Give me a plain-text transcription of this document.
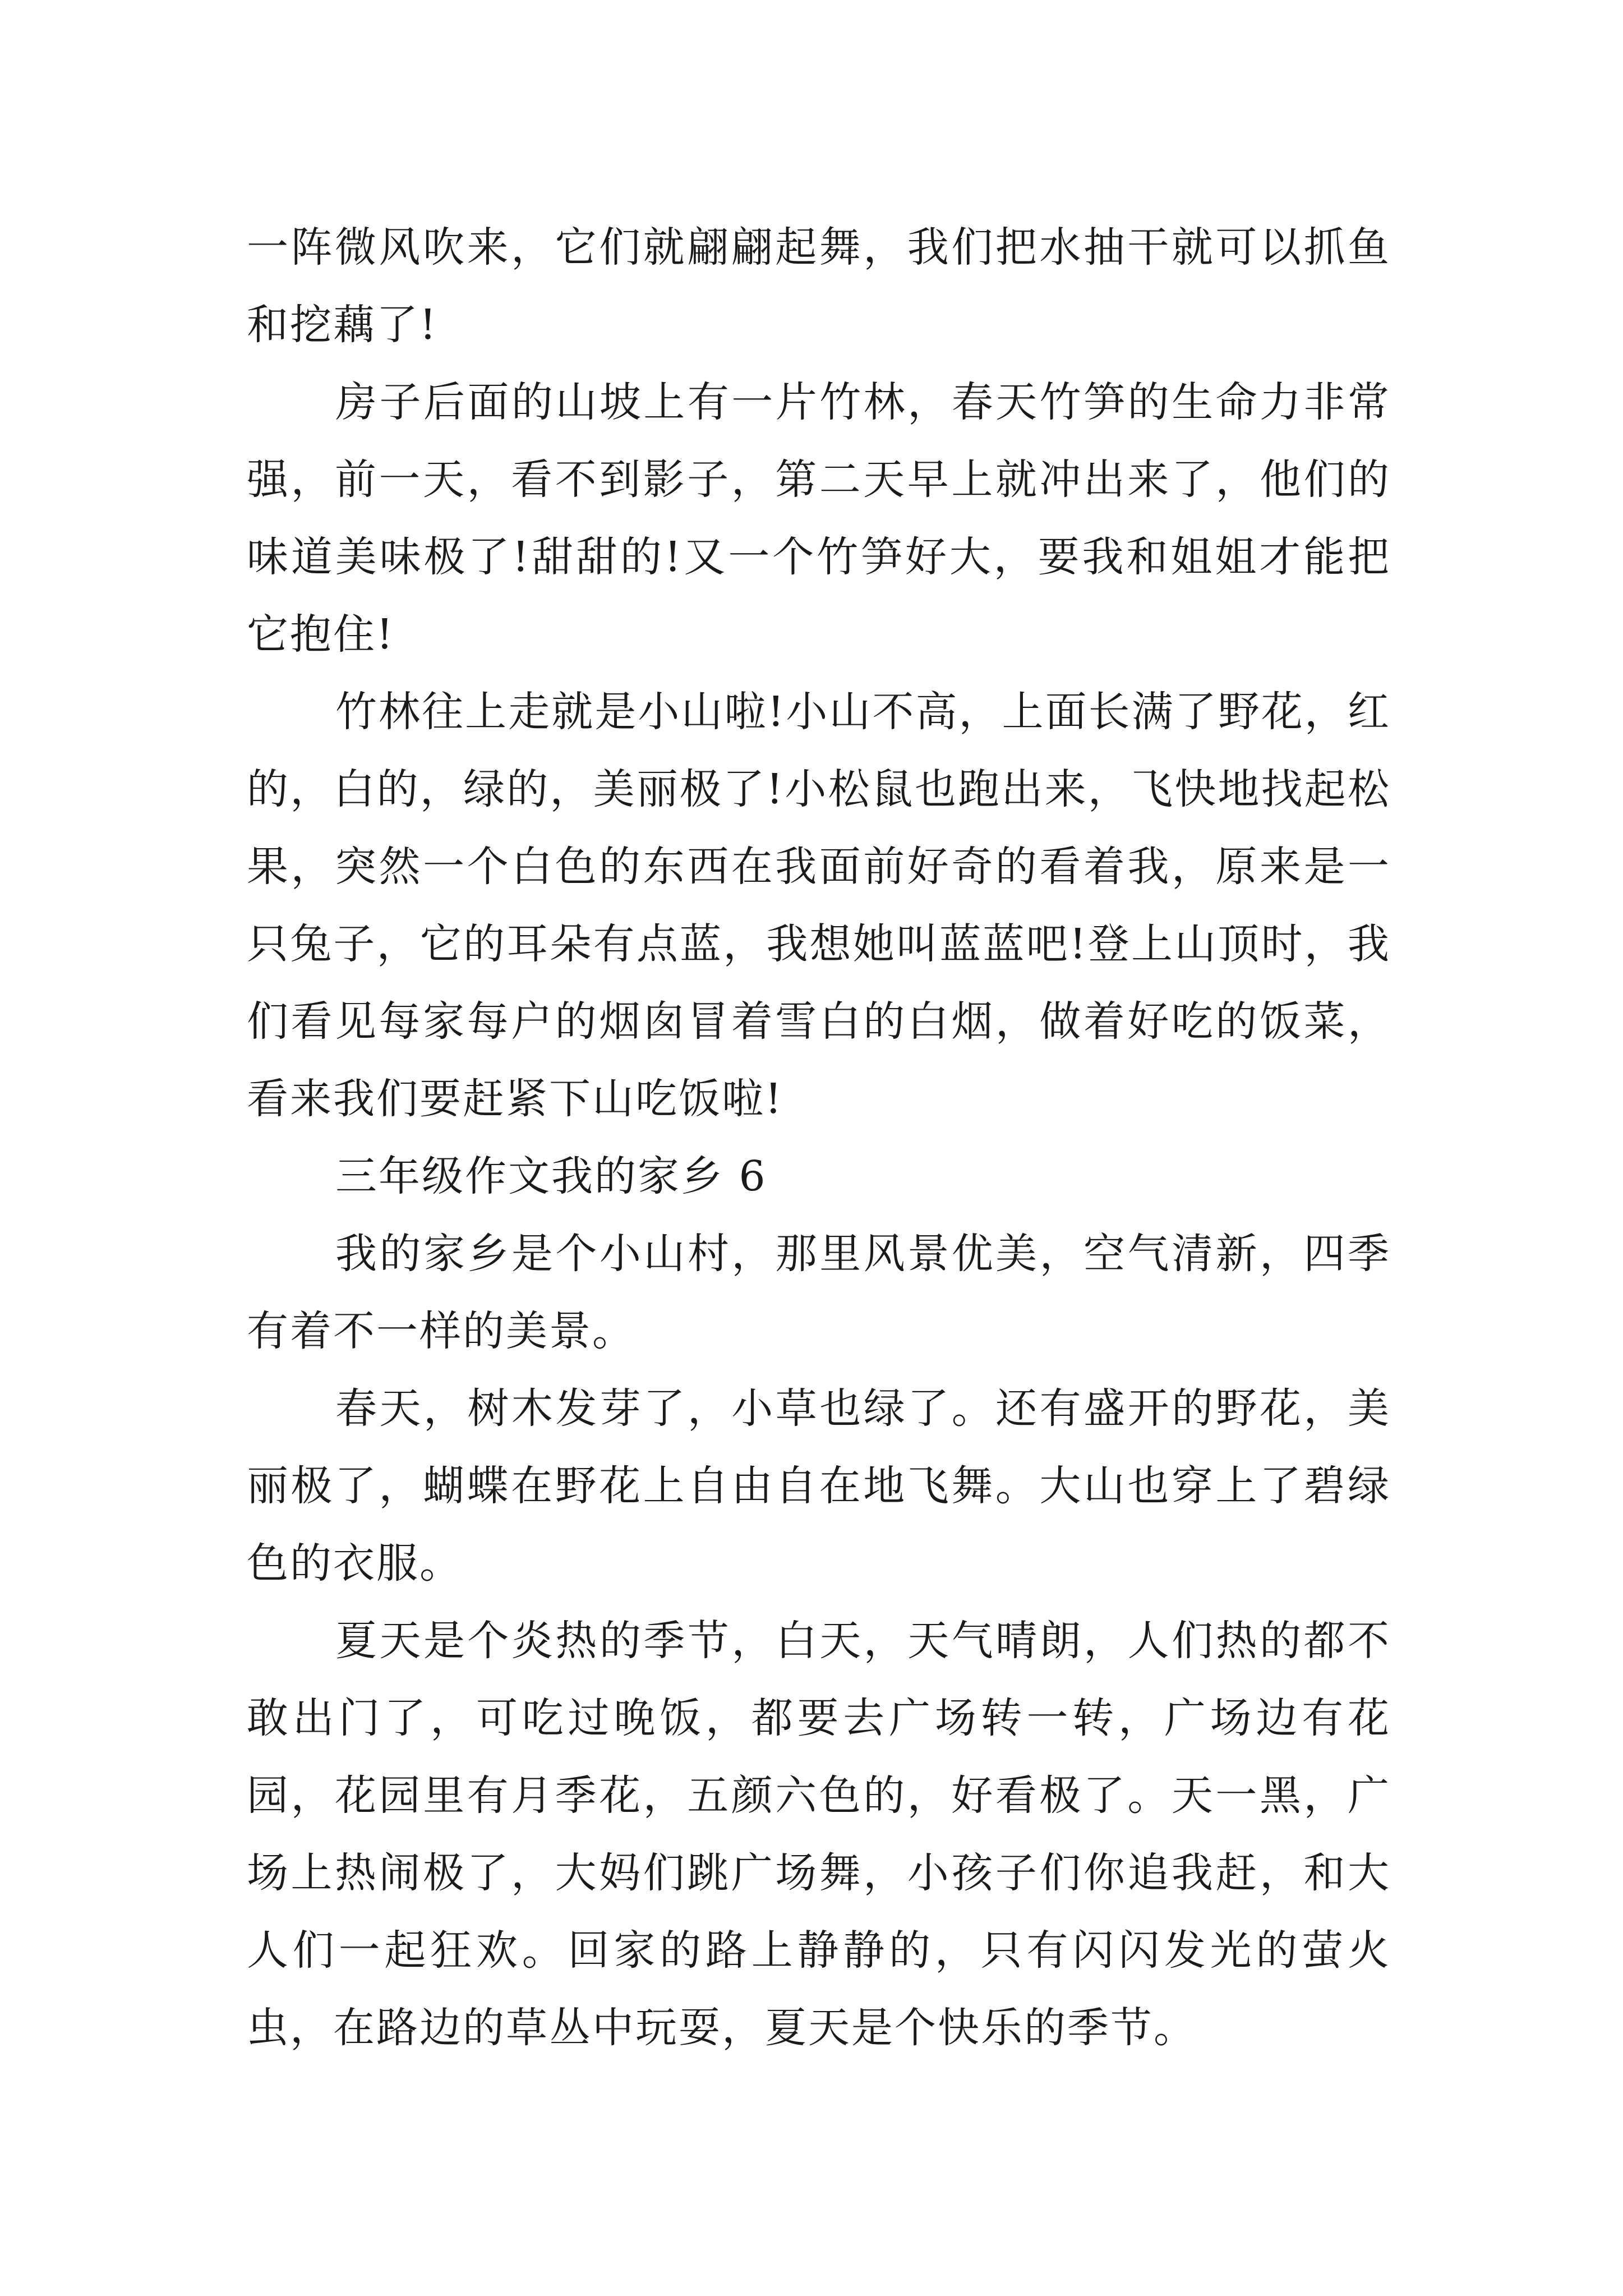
一阵微风吹来，它们就翩翩起舞，我们把水抽干就可以抓鱼和挖藕了!

房子后面的山坡上有一片竹林，春天竹笋的生命力非常强，前一天，看不到影子，第二天早上就冲出来了，他们的味道美味极了!甜甜的!又一个竹笋好大，要我和姐姐才能把它抱住!

竹林往上走就是小山啦!小山不高，上面长满了野花，红的，白的，绿的，美丽极了!小松鼠也跑出来，飞快地找起松果，突然一个白色的东西在我面前好奇的看着我，原来是一只兔子，它的耳朵有点蓝，我想她叫蓝蓝吧!登上山顶时，我们看见每家每户的烟囱冒着雪白的白烟，做着好吃的饭菜，看来我们要赶紧下山吃饭啦!

三年级作文我的家乡 6

我的家乡是个小山村，那里风景优美，空气清新，四季有着不一样的美景。

春天，树木发芽了，小草也绿了。还有盛开的野花，美丽极了，蝴蝶在野花上自由自在地飞舞。大山也穿上了碧绿色的衣服。

夏天是个炎热的季节，白天，天气晴朗，人们热的都不敢出门了，可吃过晚饭，都要去广场转一转，广场边有花园，花园里有月季花，五颜六色的，好看极了。天一黑，广场上热闹极了，大妈们跳广场舞，小孩子们你追我赶，和大人们一起狂欢。回家的路上静静的，只有闪闪发光的萤火虫，在路边的草丛中玩耍，夏天是个快乐的季节。
